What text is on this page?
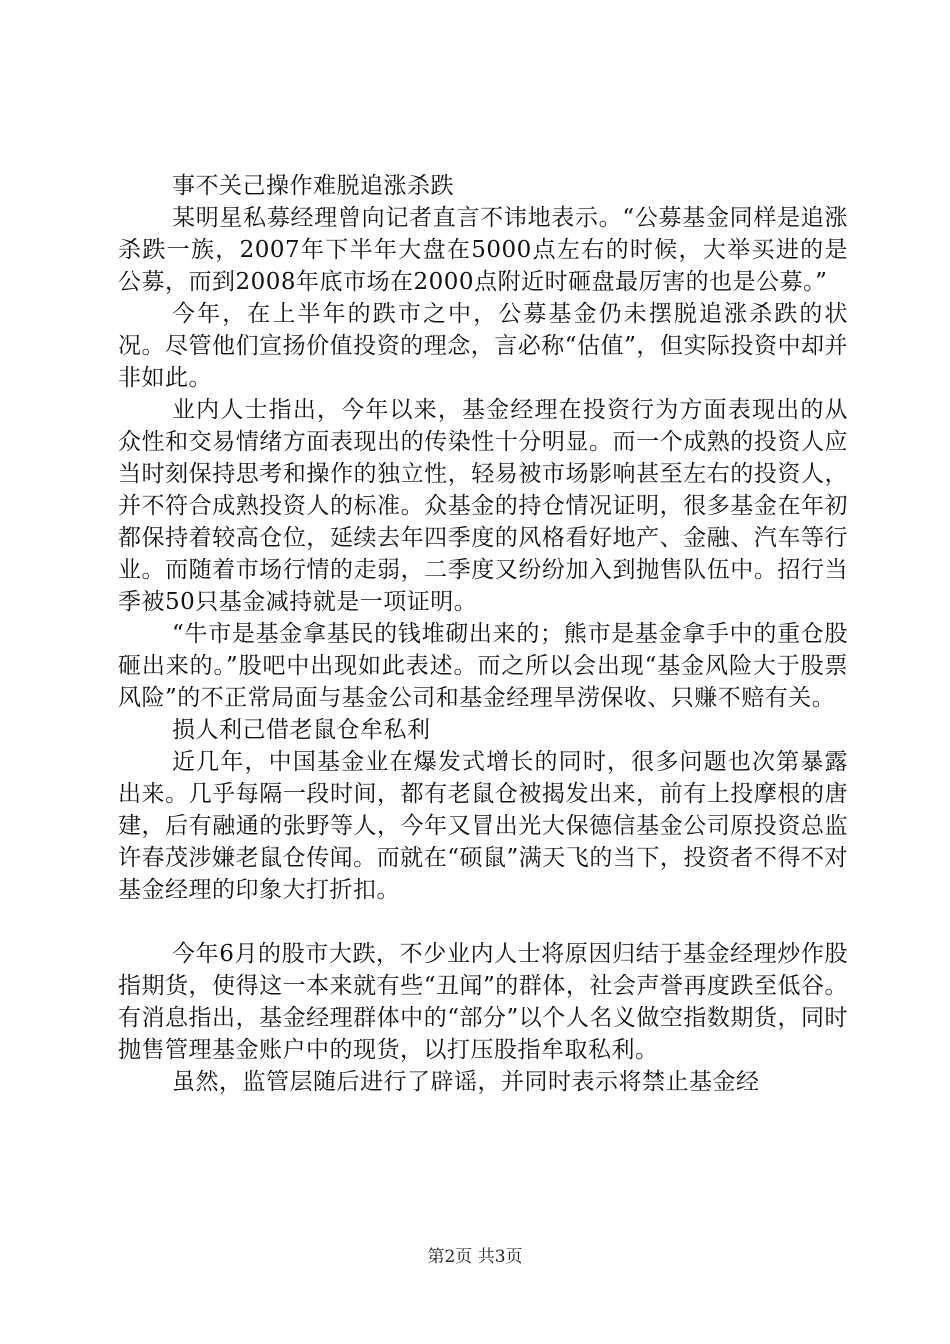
事不关己操作难脱追涨杀跌

某明星私募经理曾向记者直言不讳地表示。“公募基金同样是追涨杀跌一族，2007年下半年大盘在5000点左右的时候，大举买进的是公募，而到2008年底市场在2000点附近时砸盘最厉害的也是公募。”

今年，在上半年的跌市之中，公募基金仍未摆脱追涨杀跌的状况。尽管他们宣扬价值投资的理念，言必称“估值”，但实际投资中却并非如此。

业内人士指出，今年以来，基金经理在投资行为方面表现出的从众性和交易情绪方面表现出的传染性十分明显。而一个成熟的投资人应当时刻保持思考和操作的独立性，轻易被市场影响甚至左右的投资人，并不符合成熟投资人的标准。众基金的持仓情况证明，很多基金在年初都保持着较高仓位，延续去年四季度的风格看好地产、金融、汽车等行业。而随着市场行情的走弱，二季度又纷纷加入到抛售队伍中。招行当季被50只基金减持就是一项证明。

“牛市是基金拿基民的钱堆砌出来的；熊市是基金拿手中的重仓股砸出来的。”股吧中出现如此表述。而之所以会出现“基金风险大于股票风险”的不正常局面与基金公司和基金经理旱涝保收、只赚不赔有关。

损人利己借老鼠仓牟私利

近几年，中国基金业在爆发式增长的同时，很多问题也次第暴露出来。几乎每隔一段时间，都有老鼠仓被揭发出来，前有上投摩根的唐建，后有融通的张野等人，今年又冒出光大保德信基金公司原投资总监许春茂涉嫌老鼠仓传闻。而就在“硕鼠”满天飞的当下，投资者不得不对基金经理的印象大打折扣。

今年6月的股市大跌，不少业内人士将原因归结于基金经理炒作股指期货，使得这一本来就有些“丑闻”的群体，社会声誉再度跌至低谷。有消息指出，基金经理群体中的“部分”以个人名义做空指数期货，同时抛售管理基金账户中的现货，以打压股指牟取私利。

虽然，监管层随后进行了辟谣，并同时表示将禁止基金经

第2页 共3页
